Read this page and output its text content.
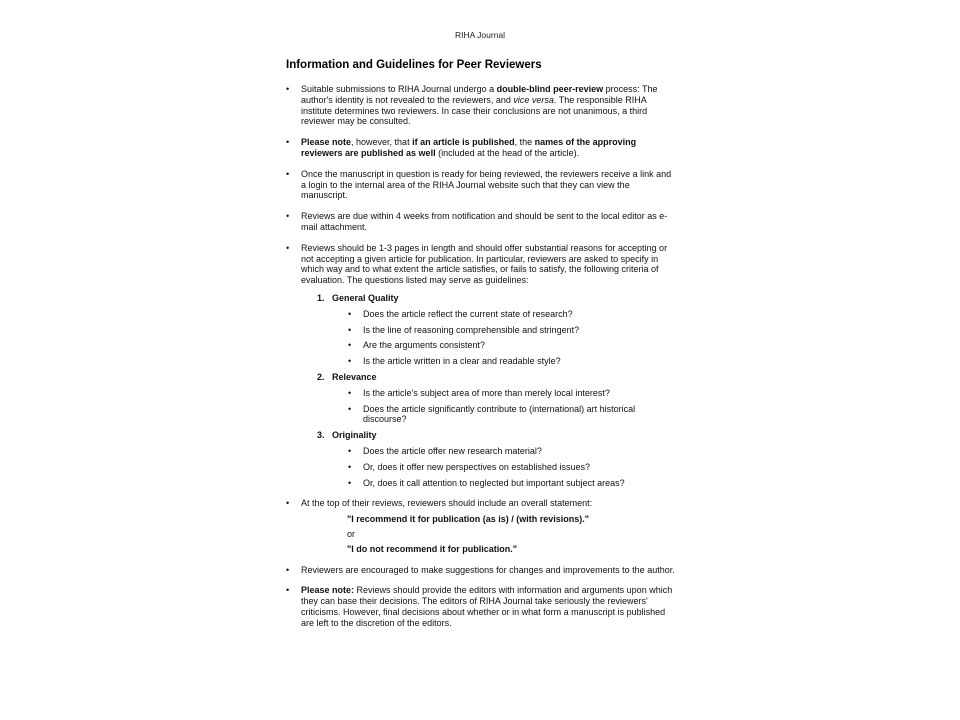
RIHA Journal
Information and Guidelines for Peer Reviewers
•	Suitable submissions to RIHA Journal undergo a double-blind peer-review process: The author's identity is not revealed to the reviewers, and vice versa. The responsible RIHA institute determines two reviewers. In case their conclusions are not unanimous, a third reviewer may be consulted.
•	Please note, however, that if an article is published, the names of the approving reviewers are published as well (included at the head of the article).
•	Once the manuscript in question is ready for being reviewed, the reviewers receive a link and a login to the internal area of the RIHA Journal website such that they can view the manuscript.
•	Reviews are due within 4 weeks from notification and should be sent to the local editor as e-mail attachment.
•	Reviews should be 1-3 pages in length and should offer substantial reasons for accepting or not accepting a given article for publication. In particular, reviewers are asked to specify in which way and to what extent the article satisfies, or fails to satisfy, the following criteria of evaluation. The questions listed may serve as guidelines:
1. General Quality
•	Does the article reflect the current state of research?
•	Is the line of reasoning comprehensible and stringent?
•	Are the arguments consistent?
•	Is the article written in a clear and readable style?
2. Relevance
•	Is the article's subject area of more than merely local interest?
•	Does the article significantly contribute to (international) art historical discourse?
3. Originality
•	Does the article offer new research material?
•	Or, does it offer new perspectives on established issues?
•	Or, does it call attention to neglected but important subject areas?
•	At the top of their reviews, reviewers should include an overall statement:
"I recommend it for publication (as is) / (with revisions)."
or
"I do not recommend it for publication."
•	Reviewers are encouraged to make suggestions for changes and improvements to the author.
•	Please note: Reviews should provide the editors with information and arguments upon which they can base their decisions. The editors of RIHA Journal take seriously the reviewers' criticisms. However, final decisions about whether or in what form a manuscript is published are left to the discretion of the editors.
